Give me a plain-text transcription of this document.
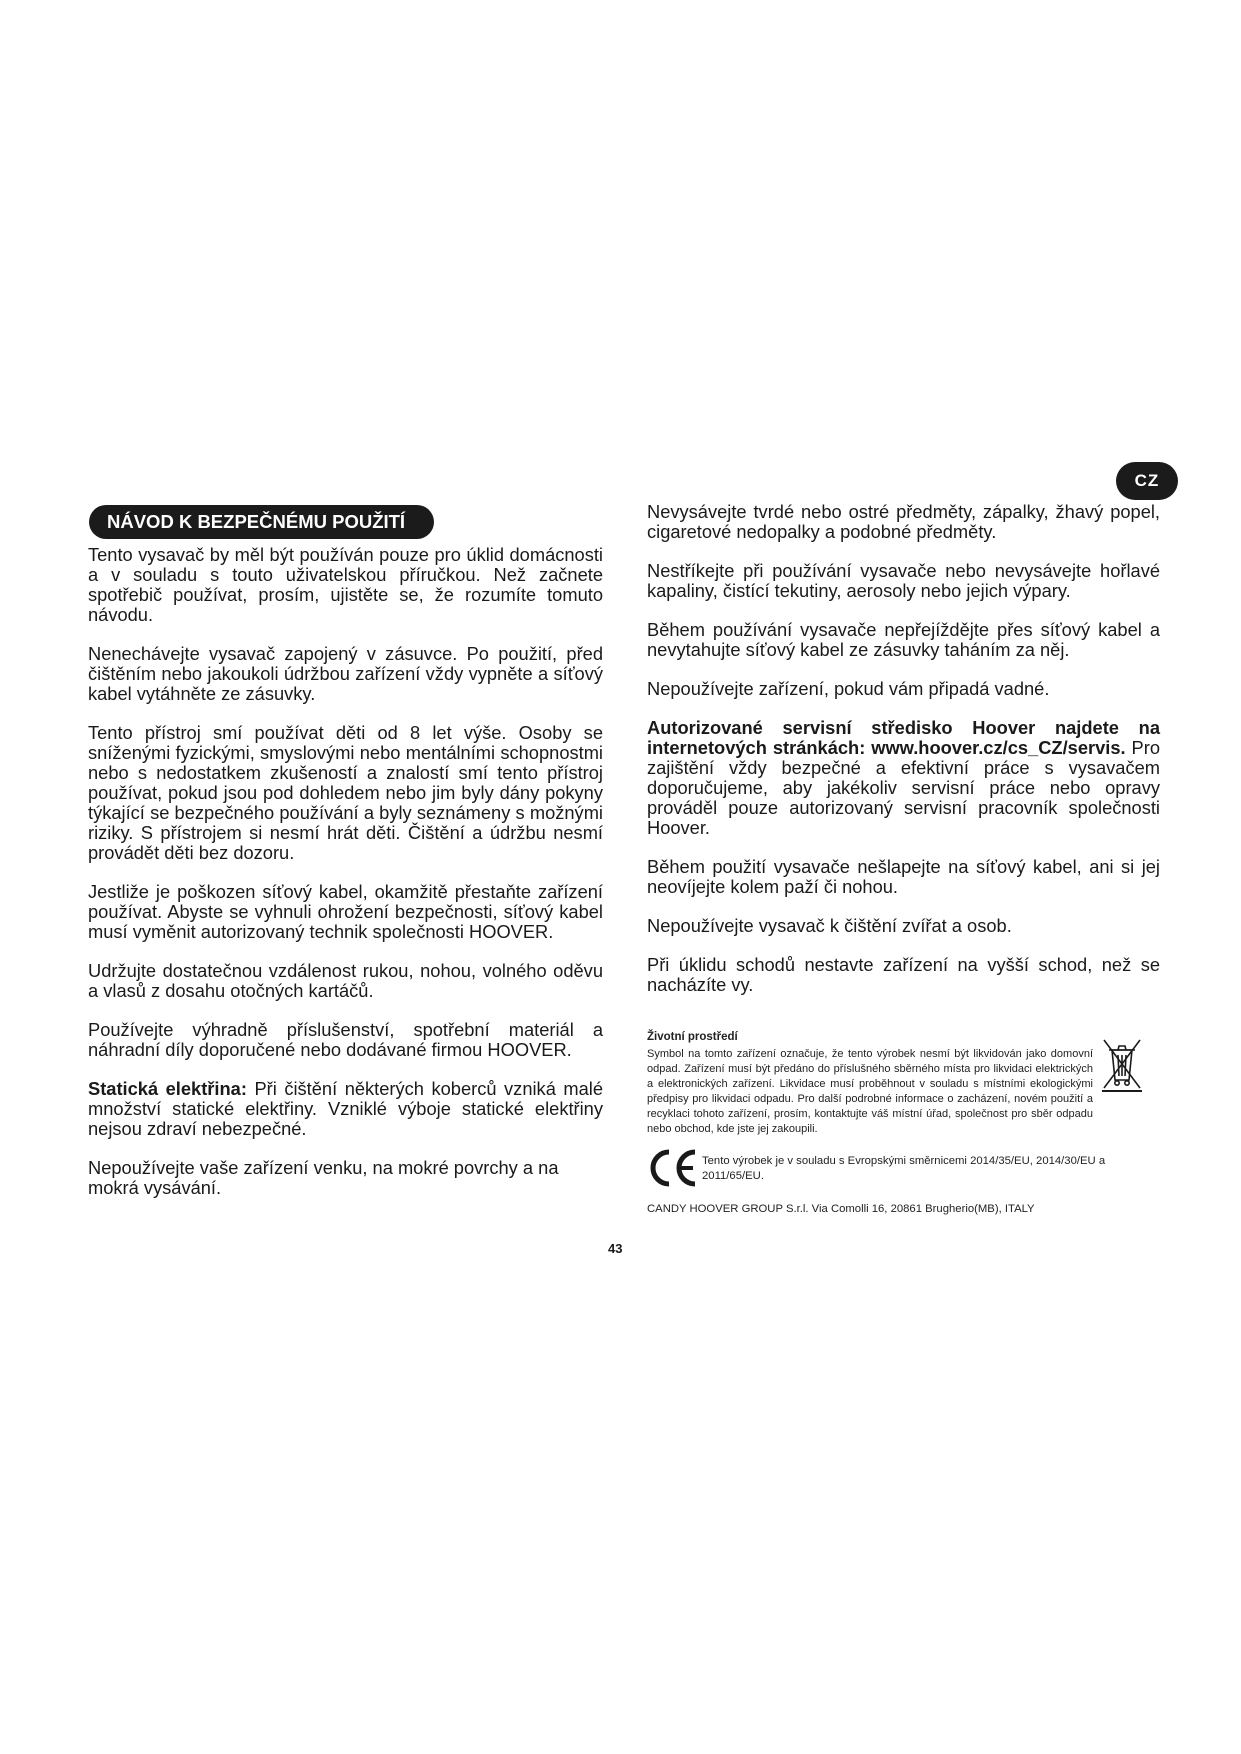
CZ
NÁVOD K BEZPEČNÉMU POUŽITÍ

Tento vysavač by měl být používán pouze pro úklid domácnosti a v souladu s touto uživatelskou příručkou. Než začnete spotřebič používat, prosím, ujistěte se, že rozumíte tomuto návodu.

Nenechávejte vysavač zapojený v zásuvce. Po použití, před čištěním nebo jakoukoli údržbou zařízení vždy vypněte a síťový kabel vytáhněte ze zásuvky.

Tento přístroj smí používat děti od 8 let výše. Osoby se sníženými fyzickými, smyslovými nebo mentálními schopnostmi nebo s nedostatkem zkušeností a znalostí smí tento přístroj používat, pokud jsou pod dohledem nebo jim byly dány pokyny týkající se bezpečného používání a byly seznámeny s možnými riziky. S přístrojem si nesmí hrát děti. Čištění a údržbu nesmí provádět děti bez dozoru.

Jestliže je poškozen síťový kabel, okamžitě přestaňte zařízení používat. Abyste se vyhnuli ohrožení bezpečnosti, síťový kabel musí vyměnit autorizovaný technik společnosti HOOVER.

Udržujte dostatečnou vzdálenost rukou, nohou, volného oděvu a vlasů z dosahu otočných kartáčů.

Používejte výhradně příslušenství, spotřební materiál a náhradní díly doporučené nebo dodávané firmou HOOVER.

Statická elektřina: Při čištění některých koberců vzniká malé množství statické elektřiny. Vzniklé výboje statické elektřiny nejsou zdraví nebezpečné.

Nepoužívejte vaše zařízení venku, na mokré povrchy a na mokrá vysávání.

Nevysávejte tvrdé nebo ostré předměty, zápalky, žhavý popel, cigaretové nedopalky a podobné předměty.

Nestříkejte při používání vysavače nebo nevysávejte hořlavé kapaliny, čistící tekutiny, aerosoly nebo jejich výpary.

Během používání vysavače nepřejíždějte přes síťový kabel a nevytahujte síťový kabel ze zásuvky taháním za něj.

Nepoužívejte zařízení, pokud vám připadá vadné.

Autorizované servisní středisko Hoover najdete na internetových stránkách: www.hoover.cz/cs_CZ/servis. Pro zajištění vždy bezpečné a efektivní práce s vysavačem doporučujeme, aby jakékoliv servisní práce nebo opravy prováděl pouze autorizovaný servisní pracovník společnosti Hoover.

Během použití vysavače nešlapejte na síťový kabel, ani si jej neovíjejte kolem paží či nohou.

Nepoužívejte vysavač k čištění zvířat a osob.

Při úklidu schodů nestavte zařízení na vyšší schod, než se nacházíte vy.

Životní prostředí
Symbol na tomto zařízení označuje, že tento výrobek nesmí být likvidován jako domovní odpad. Zařízení musí být předáno do příslušného sběrného místa pro likvidaci elektrických a elektronických zařízení. Likvidace musí proběhnout v souladu s místními ekologickými předpisy pro likvidaci odpadu. Pro další podrobné informace o zacházení, novém použití a recyklaci tohoto zařízení, prosím, kontaktujte váš místní úřad, společnost pro sběr odpadu nebo obchod, kde jste jej zakoupili.
Tento výrobek je v souladu s Evropskými směrnicemi 2014/35/EU, 2014/30/EU a 2011/65/EU.
CANDY HOOVER GROUP S.r.l. Via Comolli 16, 20861 Brugherio(MB), ITALY
43
